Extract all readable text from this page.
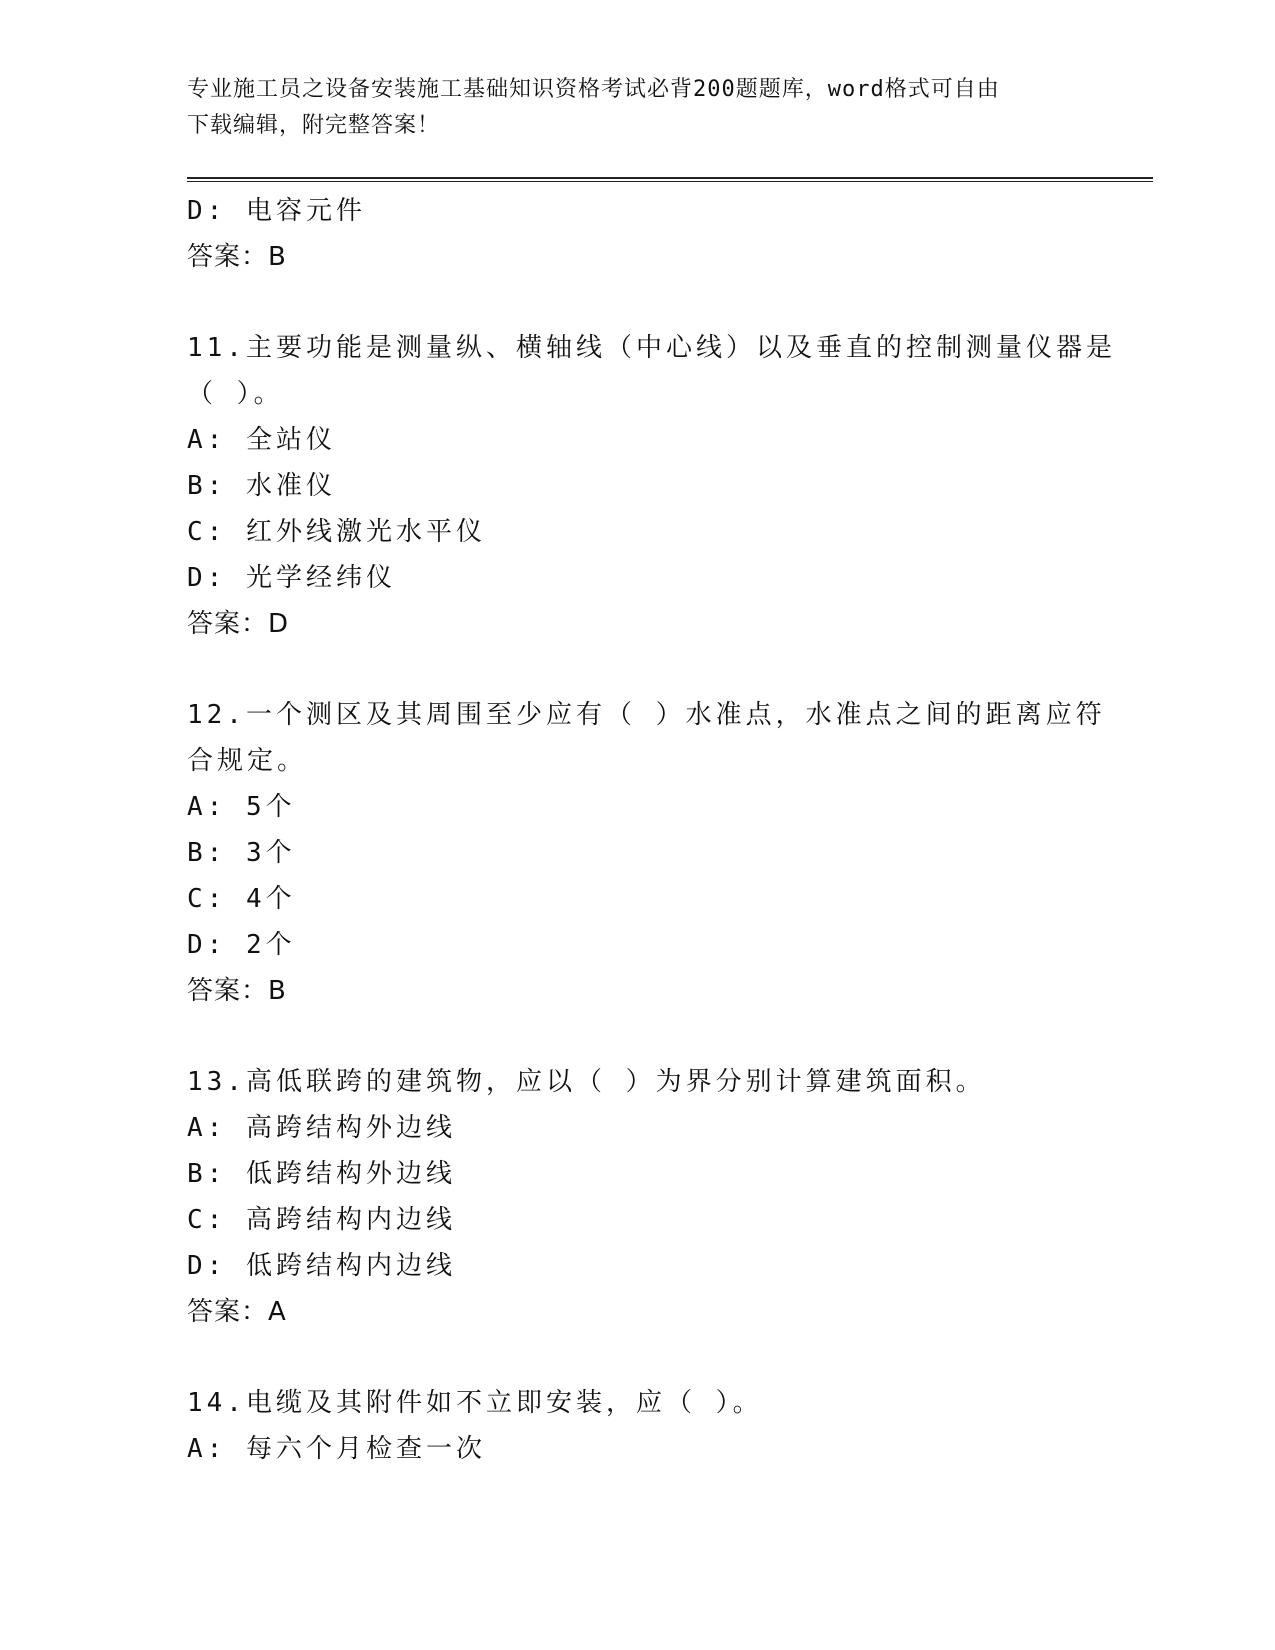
专业施工员之设备安装施工基础知识资格考试必背200题题库，word格式可自由
下载编辑，附完整答案！
D: 电容元件
答案：B
11.主要功能是测量纵、横轴线（中心线）以及垂直的控制测量仪器是
（ ）。
A: 全站仪
B: 水准仪
C: 红外线激光水平仪
D: 光学经纬仪
答案：D
12.一个测区及其周围至少应有（ ）水准点，水准点之间的距离应符
合规定。
A: 5个
B: 3个
C: 4个
D: 2个
答案：B
13.高低联跨的建筑物，应以（ ）为界分别计算建筑面积。
A: 高跨结构外边线
B: 低跨结构外边线
C: 高跨结构内边线
D: 低跨结构内边线
答案：A
14.电缆及其附件如不立即安装，应（ ）。
A: 每六个月检查一次
